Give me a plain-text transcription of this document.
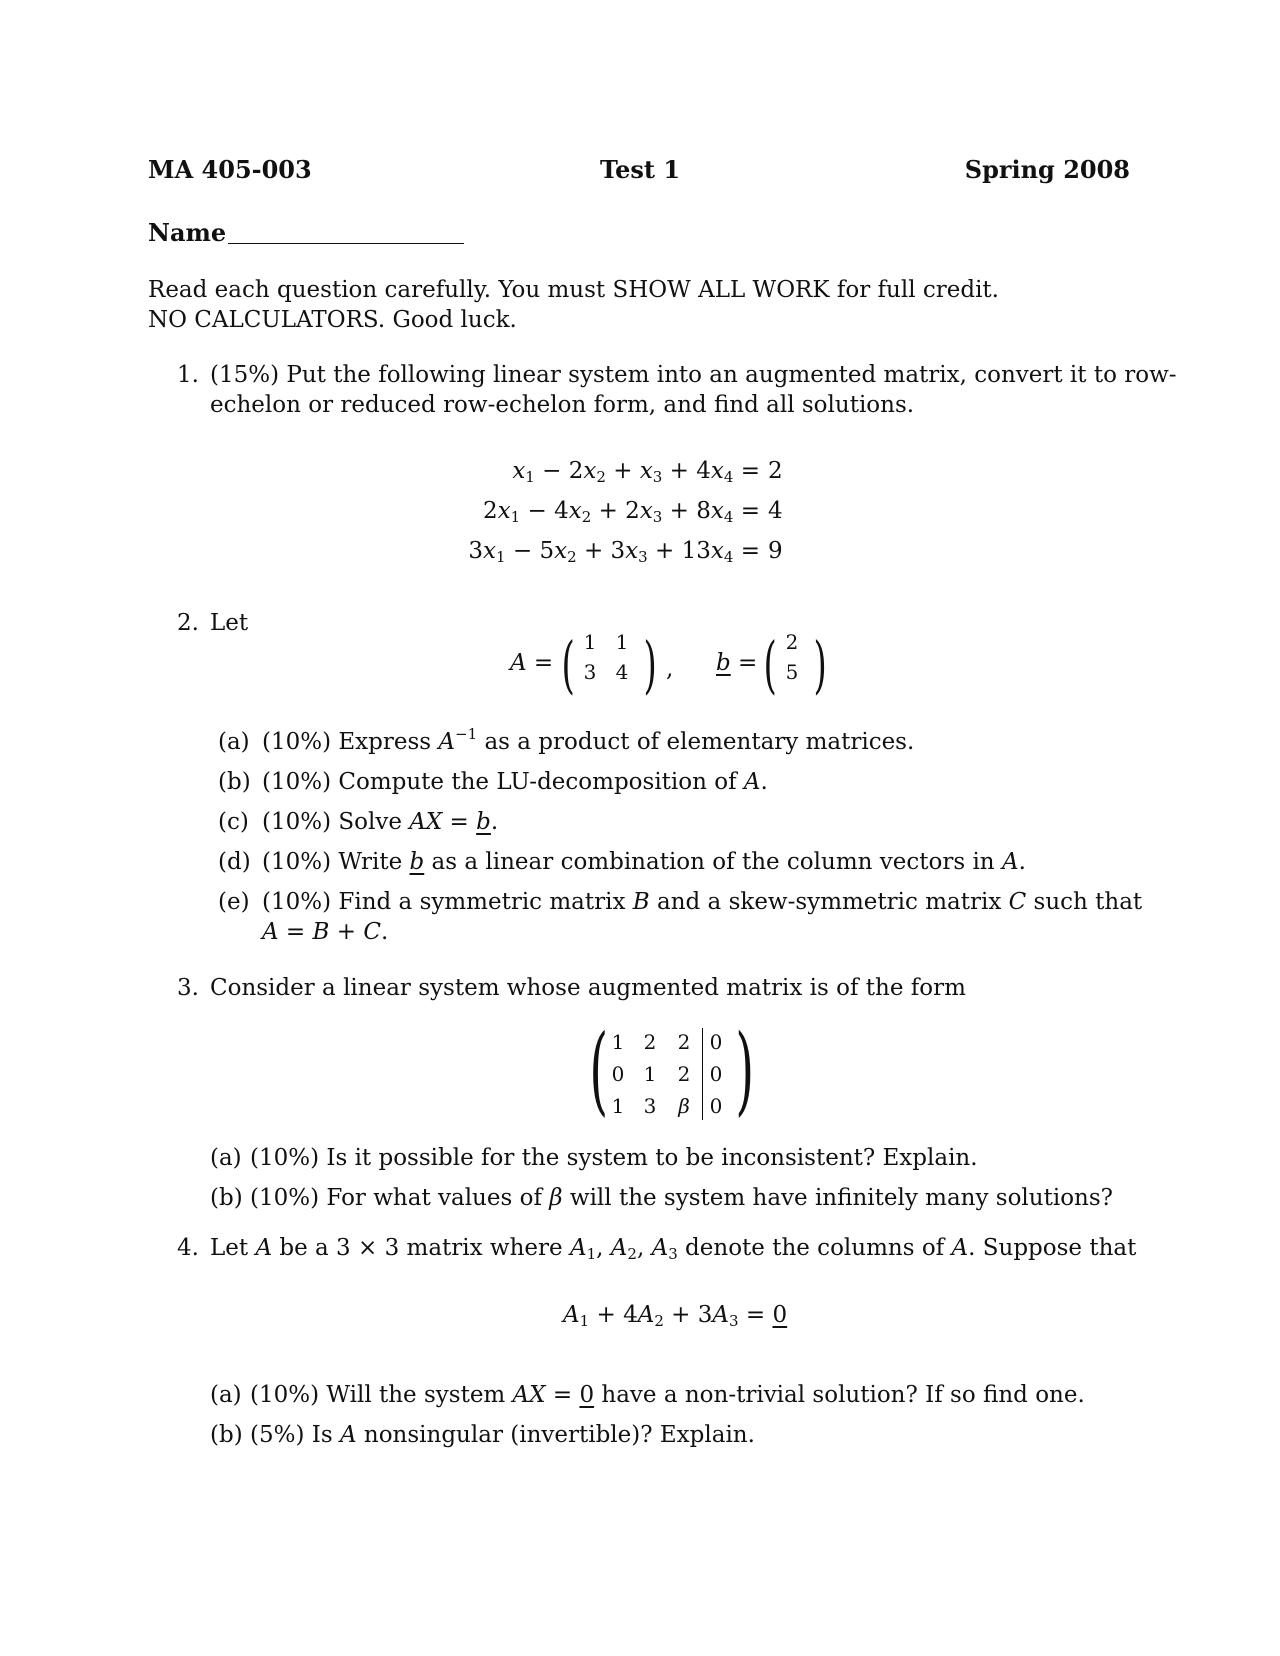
MA 405-003	Test 1	Spring 2008
Name
Read each question carefully. You must SHOW ALL WORK for full credit.
NO CALCULATORS. Good luck.
1. (15%) Put the following linear system into an augmented matrix, convert it to row-
echelon or reduced row-echelon form, and find all solutions.
$x_1 - 2x_2 + x_3 + 4x_4 = 2$
$2x_1 - 4x_2 + 2x_3 + 8x_4 = 4$
$3x_1 - 5x_2 + 3x_3 + 13x_4 = 9$
2. Let
A = ( 1 1
3 4 ) , b = ( 2
5 )
(a) (10%) Express $A^{-1}$ as a product of elementary matrices.
(b) (10%) Compute the LU-decomposition of A.
(c) (10%) Solve AX = b.
(d) (10%) Write b as a linear combination of the column vectors in A.
(e) (10%) Find a symmetric matrix B and a skew-symmetric matrix C such that
A = B + C.
3. Consider a linear system whose augmented matrix is of the form
( 1 2 2 0
0 1 2 0
1 3	β 0 )
(a) (10%) Is it possible for the system to be inconsistent? Explain.
(b) (10%) For what values of β will the system have infinitely many solutions?
4. Let A be a 3 × 3 matrix where $A_1$, $A_2$, $A_3$ denote the columns of A. Suppose that
$A_1 + 4A_2 + 3A_3 = 0$
(a) (10%) Will the system AX = 0 have a non-trivial solution? If so find one.
(b) (5%) Is A nonsingular (invertible)? Explain.
